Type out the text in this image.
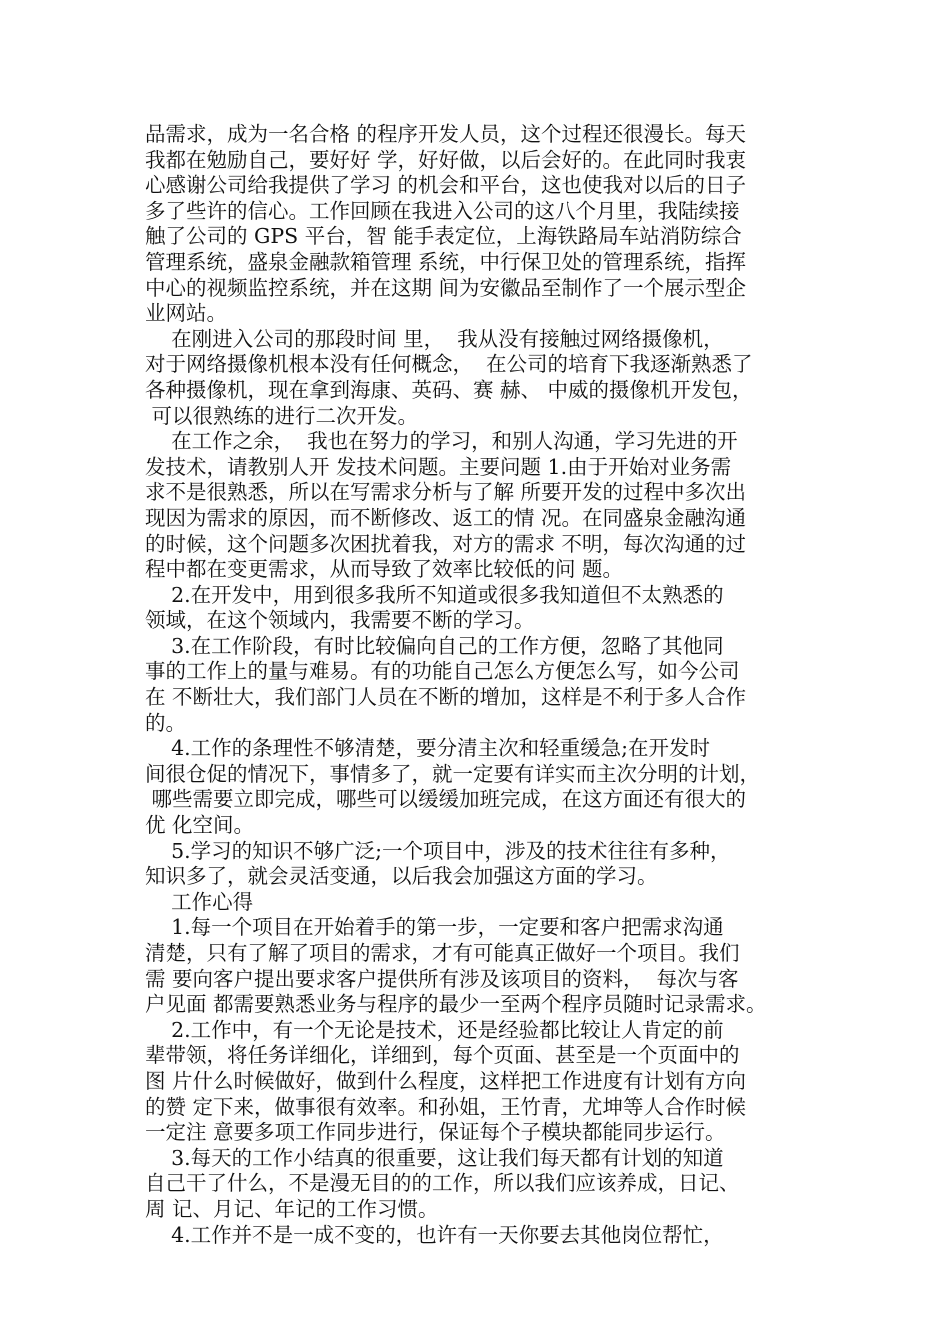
品需求，成为一名合格 的程序开发人员，这个过程还很漫长。每天
我都在勉励自己，要好好 学，好好做，以后会好的。在此同时我衷
心感谢公司给我提供了学习 的机会和平台，这也使我对以后的日子
多了些许的信心。工作回顾在我进入公司的这八个月里，我陆续接
触了公司的 GPS 平台，智 能手表定位，上海铁路局车站消防综合
管理系统，盛泉金融款箱管理 系统，中行保卫处的管理系统，指挥
中心的视频监控系统，并在这期 间为安徽品至制作了一个展示型企
业网站。
在刚进入公司的那段时间 里，  我从没有接触过网络摄像机，
对于网络摄像机根本没有任何概念，  在公司的培育下我逐渐熟悉了
各种摄像机，现在拿到海康、英码、赛 赫、 中威的摄像机开发包，
可以很熟练的进行二次开发。
在工作之余，  我也在努力的学习，和别人沟通，学习先进的开
发技术，请教别人开 发技术问题。主要问题 1.由于开始对业务需
求不是很熟悉，所以在写需求分析与了解 所要开发的过程中多次出
现因为需求的原因，而不断修改、返工的情 况。在同盛泉金融沟通
的时候，这个问题多次困扰着我，对方的需求 不明，每次沟通的过
程中都在变更需求，从而导致了效率比较低的问 题。
2.在开发中，用到很多我所不知道或很多我知道但不太熟悉的
领域，在这个领域内，我需要不断的学习。
3.在工作阶段，有时比较偏向自己的工作方便，忽略了其他同
事的工作上的量与难易。有的功能自己怎么方便怎么写，如今公司
在 不断壮大，我们部门人员在不断的增加，这样是不利于多人合作
的。
4.工作的条理性不够清楚，要分清主次和轻重缓急;在开发时
间很仓促的情况下，事情多了，就一定要有详实而主次分明的计划，
哪些需要立即完成，哪些可以缓缓加班完成，在这方面还有很大的
优 化空间。
5.学习的知识不够广泛;一个项目中，涉及的技术往往有多种，
知识多了，就会灵活变通，以后我会加强这方面的学习。
工作心得
1.每一个项目在开始着手的第一步，一定要和客户把需求沟通
清楚，只有了解了项目的需求，才有可能真正做好一个项目。我们
需 要向客户提出要求客户提供所有涉及该项目的资料，  每次与客
户见面 都需要熟悉业务与程序的最少一至两个程序员随时记录需求。
2.工作中，有一个无论是技术，还是经验都比较让人肯定的前
辈带领，将任务详细化，详细到，每个页面、甚至是一个页面中的
图 片什么时候做好，做到什么程度，这样把工作进度有计划有方向
的赞 定下来，做事很有效率。和孙姐，王竹青，尤坤等人合作时候
一定注 意要多项工作同步进行，保证每个子模块都能同步运行。
3.每天的工作小结真的很重要，这让我们每天都有计划的知道
自己干了什么，不是漫无目的的工作，所以我们应该养成，日记、
周 记、月记、年记的工作习惯。
4.工作并不是一成不变的，也许有一天你要去其他岗位帮忙，
